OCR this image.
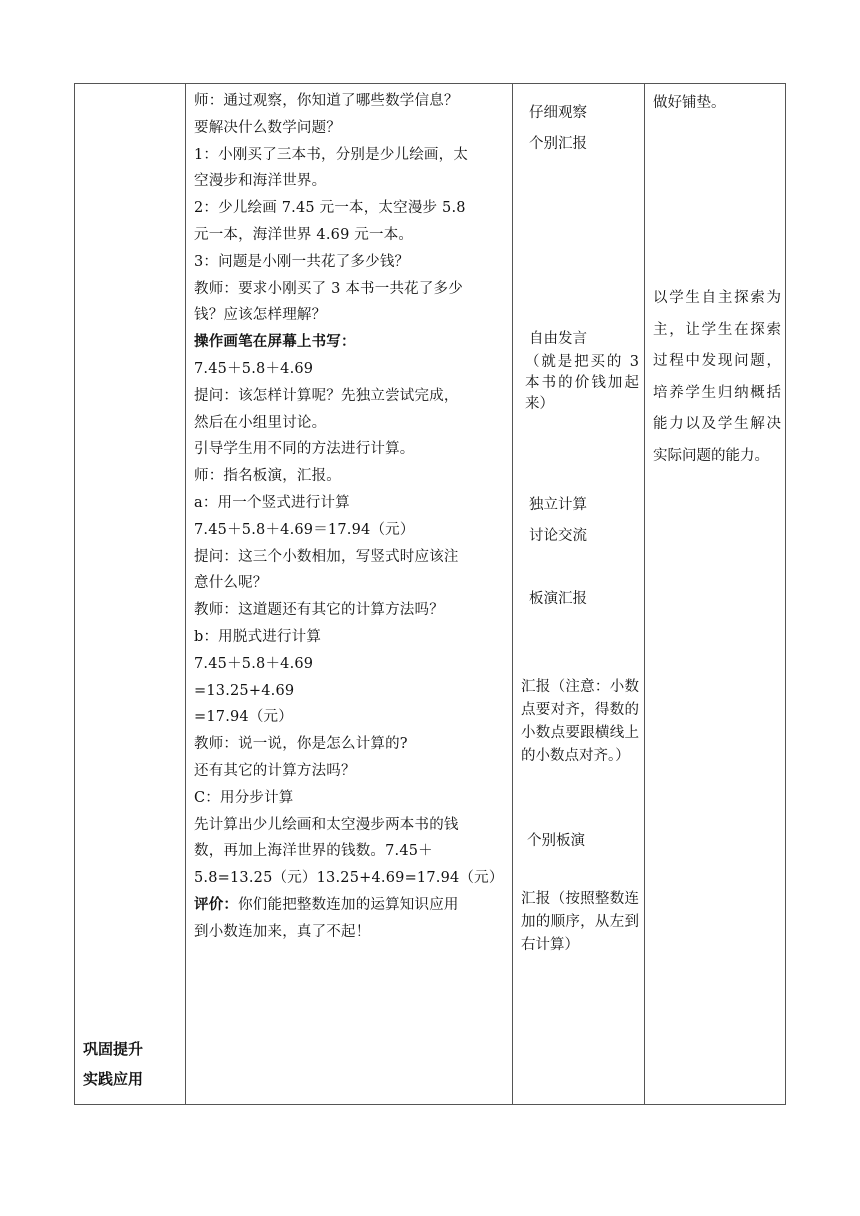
巩固提升
实践应用
师：通过观察，你知道了哪些数学信息？
要解决什么数学问题？
1：小刚买了三本书，分别是少儿绘画，太
空漫步和海洋世界。
2：少儿绘画 7.45 元一本，太空漫步 5.8
元一本，海洋世界 4.69 元一本。
3：问题是小刚一共花了多少钱？
教师：要求小刚买了 3 本书一共花了多少
钱？应该怎样理解？
操作画笔在屏幕上书写：
7.45＋5.8＋4.69
提问：该怎样计算呢？先独立尝试完成，
然后在小组里讨论。
引导学生用不同的方法进行计算。
师：指名板演，汇报。
a：用一个竖式进行计算
7.45＋5.8＋4.69＝17.94（元）
提问：这三个小数相加，写竖式时应该注
意什么呢？
教师：这道题还有其它的计算方法吗？
b：用脱式进行计算
7.45＋5.8＋4.69
=13.25+4.69
=17.94（元）
教师：说一说，你是怎么计算的?
还有其它的计算方法吗？
C：用分步计算
先计算出少儿绘画和太空漫步两本书的钱
数，再加上海洋世界的钱数。7.45＋
5.8=13.25（元）13.25+4.69=17.94（元）
评价：你们能把整数连加的运算知识应用
到小数连加来，真了不起！
仔细观察
个别汇报
自由发言
（就是把买的 3 本书的价钱加起来）
独立计算
讨论交流
板演汇报
汇报（注意：小数点要对齐，得数的小数点要跟横线上的小数点对齐。）
个别板演
汇报（按照整数连加的顺序，从左到右计算）
做好铺垫。
以学生自主探索为主，让学生在探索过程中发现问题，培养学生归纳概括能力以及学生解决实际问题的能力。
